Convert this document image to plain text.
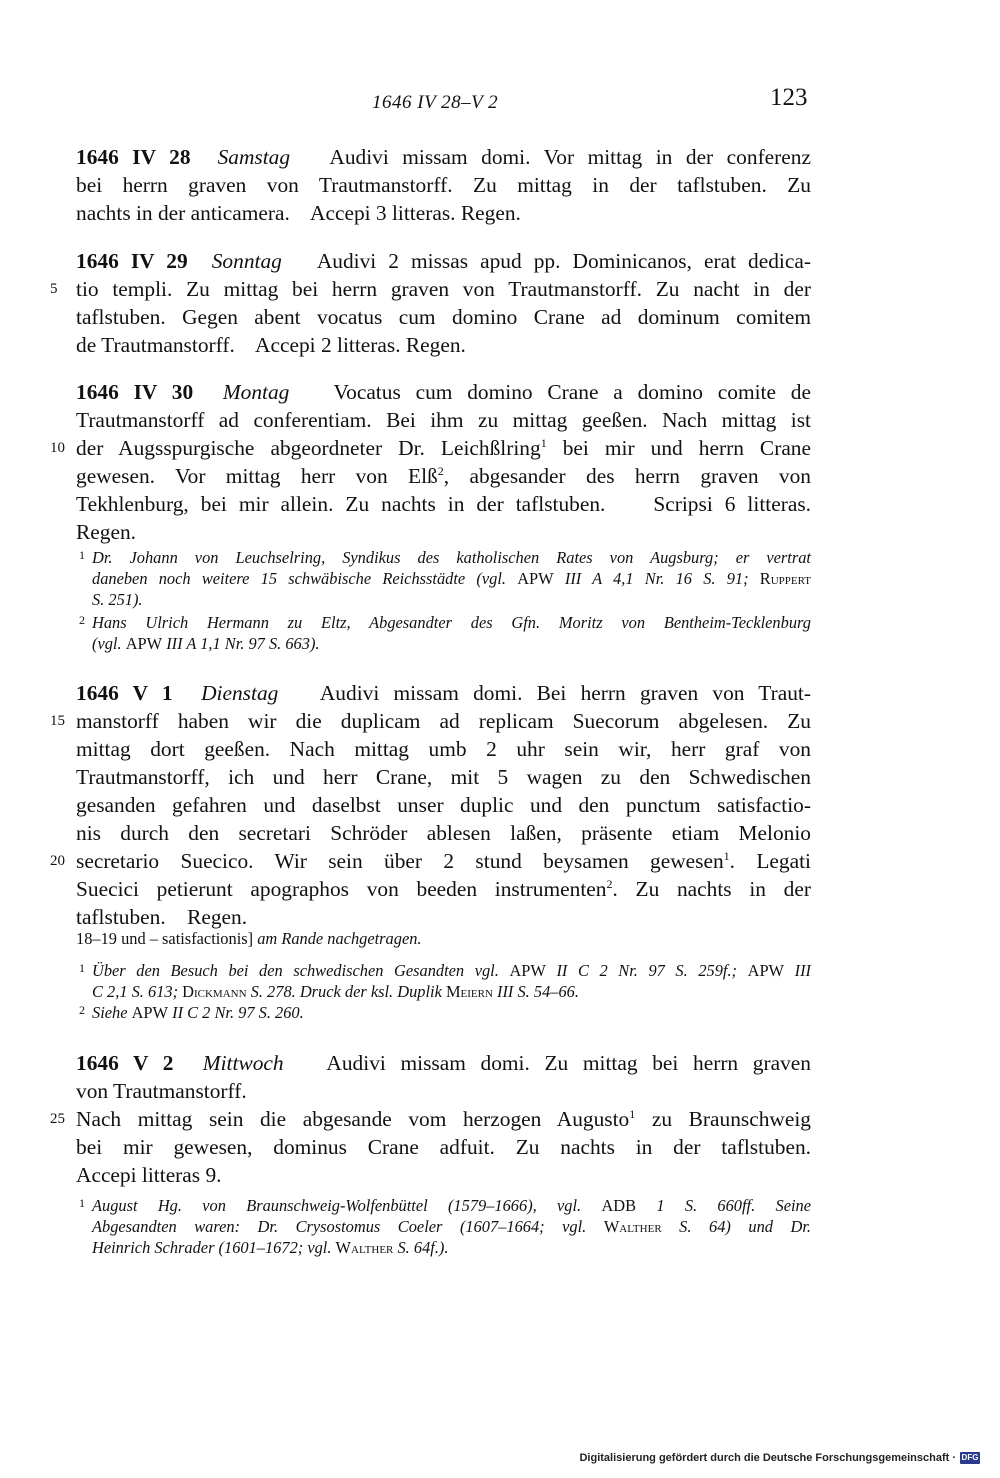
1646 IV 28–V 2	123
1646 IV 28 Samstag Audivi missam domi. Vor mittag in der conferenz
bei herrn graven von Trautmanstorff. Zu mittag in der taflstuben. Zu
nachts in der anticamera.    Accepi 3 litteras. Regen.
1646 IV 29 Sonntag Audivi 2 missas apud pp. Dominicanos, erat dedica-
5 tio templi. Zu mittag bei herrn graven von Trautmanstorff. Zu nacht in der
taflstuben. Gegen abent vocatus cum domino Crane ad dominum comitem
de Trautmanstorff.    Accepi 2 litteras. Regen.
1646 IV 30 Montag Vocatus cum domino Crane a domino comite de
Trautmanstorff ad conferentiam. Bei ihm zu mittag geeßen. Nach mittag ist
10 der Augsspurgische abgeordneter Dr. Leichßlring$^1$ bei mir und herrn Crane
gewesen. Vor mittag herr von Elß$^2$, abgesander des herrn graven von
Tekhlenburg, bei mir allein. Zu nachts in der taflstuben.    Scripsi 6 litteras.
Regen.
1 Dr. Johann von Leuchselring, Syndikus des katholischen Rates von Augsburg; er vertrat
daneben noch weitere 15 schwäbische Reichsstädte (vgl. APW III A 4,1 Nr. 16 S. 91; Ruppert
S. 251).
2 Hans Ulrich Hermann zu Eltz, Abgesandter des Gfn. Moritz von Bentheim-Tecklenburg
(vgl. APW III A 1,1 Nr. 97 S. 663).
1646 V 1 Dienstag Audivi missam domi. Bei herrn graven von Traut-
15 manstorff haben wir die duplicam ad replicam Suecorum abgelesen. Zu
mittag dort geeßen. Nach mittag umb 2 uhr sein wir, herr graf von
Trautmanstorff, ich und herr Crane, mit 5 wagen zu den Schwedischen
gesanden gefahren und daselbst unser duplic und den punctum satisfactio-
nis durch den secretari Schröder ablesen laßen, präsente etiam Melonio
20 secretario Suecico. Wir sein über 2 stund beysamen gewesen$^1$. Legati
Suecici petierunt apographos von beeden instrumenten$^2$. Zu nachts in der
taflstuben.    Regen.
18–19 und – satisfactionis] am Rande nachgetragen.
1 Über den Besuch bei den schwedischen Gesandten vgl. APW II C 2 Nr. 97 S. 259f.; APW III
C 2,1 S. 613; Dickmann S. 278. Druck der ksl. Duplik Meiern III S. 54–66.
2 Siehe APW II C 2 Nr. 97 S. 260.
1646 V 2 Mittwoch Audivi missam domi. Zu mittag bei herrn graven
von Trautmanstorff.
25 Nach mittag sein die abgesande vom herzogen Augusto$^1$ zu Braunschweig
bei mir gewesen, dominus Crane adfuit. Zu nachts in der taflstuben.
Accepi litteras 9.
1 August Hg. von Braunschweig-Wolfenbüttel (1579–1666), vgl. ADB 1 S. 660ff. Seine
Abgesandten waren: Dr. Crysostomus Coeler (1607–1664; vgl. Walther S. 64) und Dr.
Heinrich Schrader (1601–1672; vgl. Walther S. 64f.).
Digitalisierung gefördert durch die Deutsche Forschungsgemeinschaft · DFG
